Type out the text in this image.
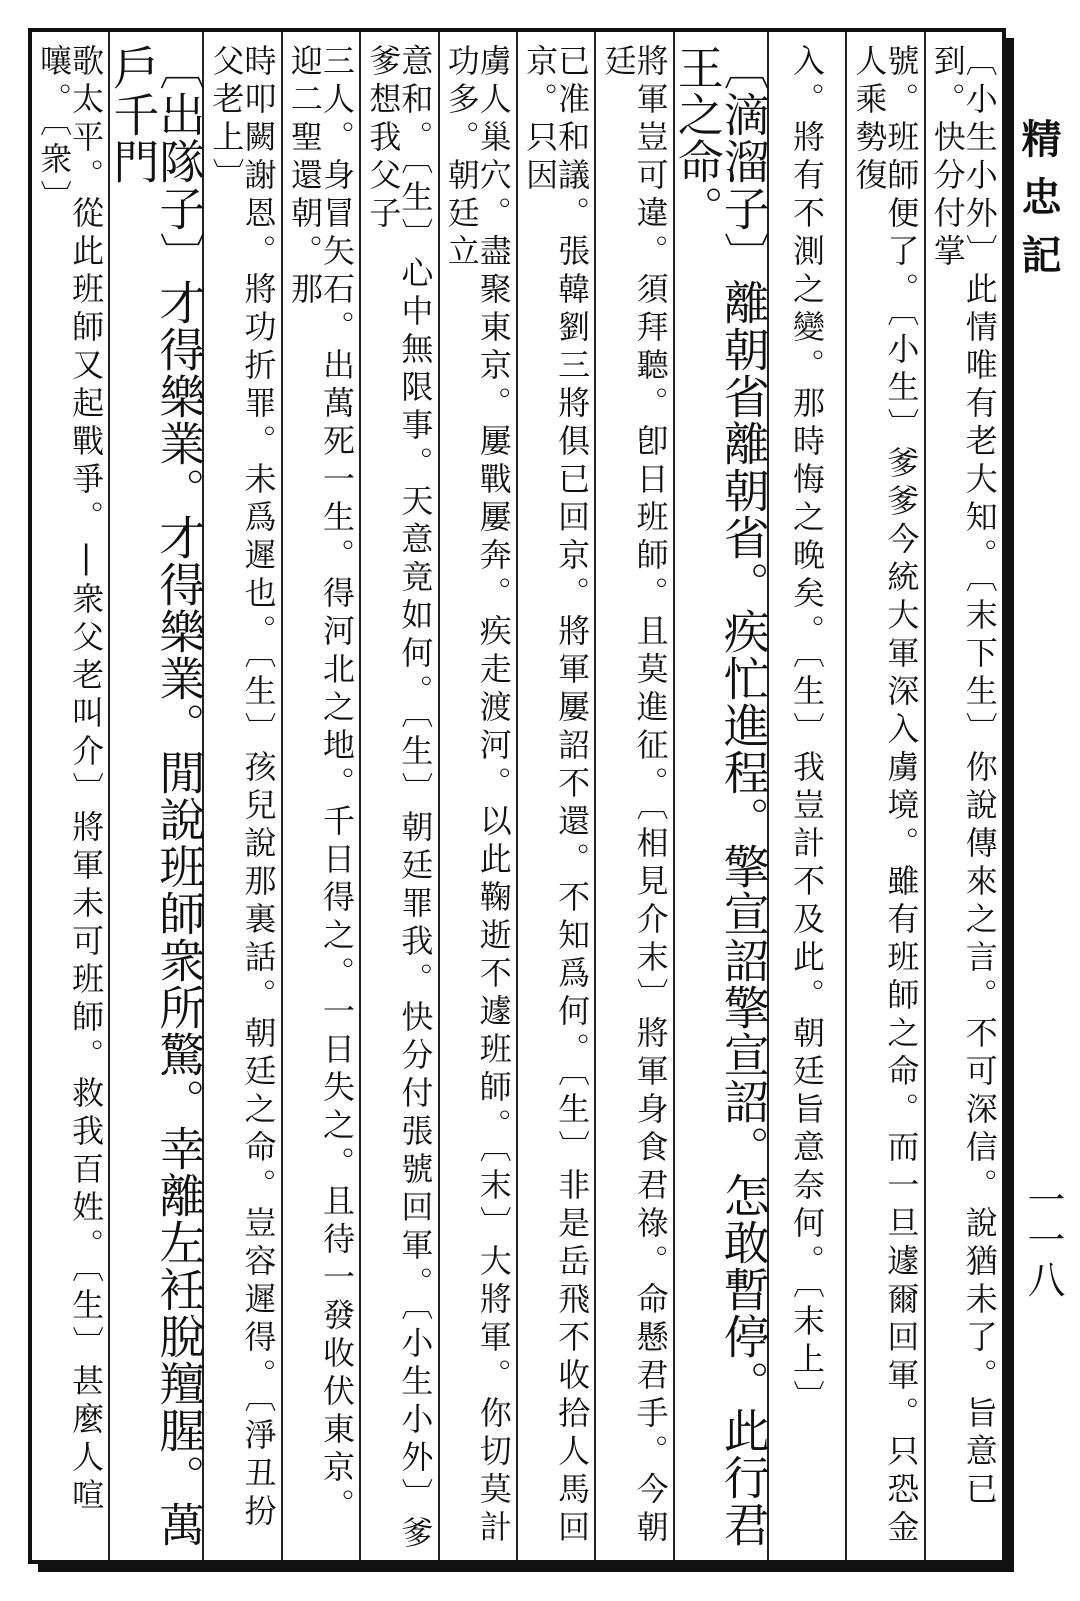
精忠記
一一八
〔小生小外〕此情唯有老大知。〔末下生〕你說傳來之言。不可深信。說猶未了。旨意已到。快分付掌
號。班師便了。〔小生〕爹爹今統大軍深入虜境。雖有班師之命。而一旦遽爾回軍。只恐金人乘勢復
入。將有不測之變。那時悔之晚矣。〔生〕我豈計不及此。朝廷旨意奈何。〔末上〕
〔滴溜子〕離朝省離朝省。疾忙進程。擎宣詔擎宣詔。怎敢暫停。此行君王之命。
將軍豈可違。須拜聽。卽日班師。且莫進征。〔相見介末〕將軍身食君祿。命懸君手。今朝廷
已准和議。張韓劉三將俱已回京。將軍屢詔不還。不知爲何。〔生〕非是岳飛不收拾人馬回京。只因
虜人巢穴。盡聚東京。屢戰屢奔。疾走渡河。以此鞠逝不遽班師。〔末〕大將軍。你切莫計功多。朝廷立
意和。〔生〕心中無限事。天意竟如何。〔生〕朝廷罪我。快分付張號回軍。〔小生小外〕爹爹想我父子
三人。身冒矢石。出萬死一生。得河北之地。千日得之。一日失之。且待一發收伏東京。迎二聖還朝。那
時叩闕謝恩。將功折罪。未爲遲也。〔生〕孩兒說那裏話。朝廷之命。豈容遲得。〔淨丑扮父老上〕
〔出隊子〕才得樂業。才得樂業。閒說班師衆所驚。幸離左衽脫羶腥。萬戶千門
歌太平。從此班師又起戰爭。|衆父老叫介〕將軍未可班師。救我百姓。〔生〕甚麼人喧嚷。〔衆〕
